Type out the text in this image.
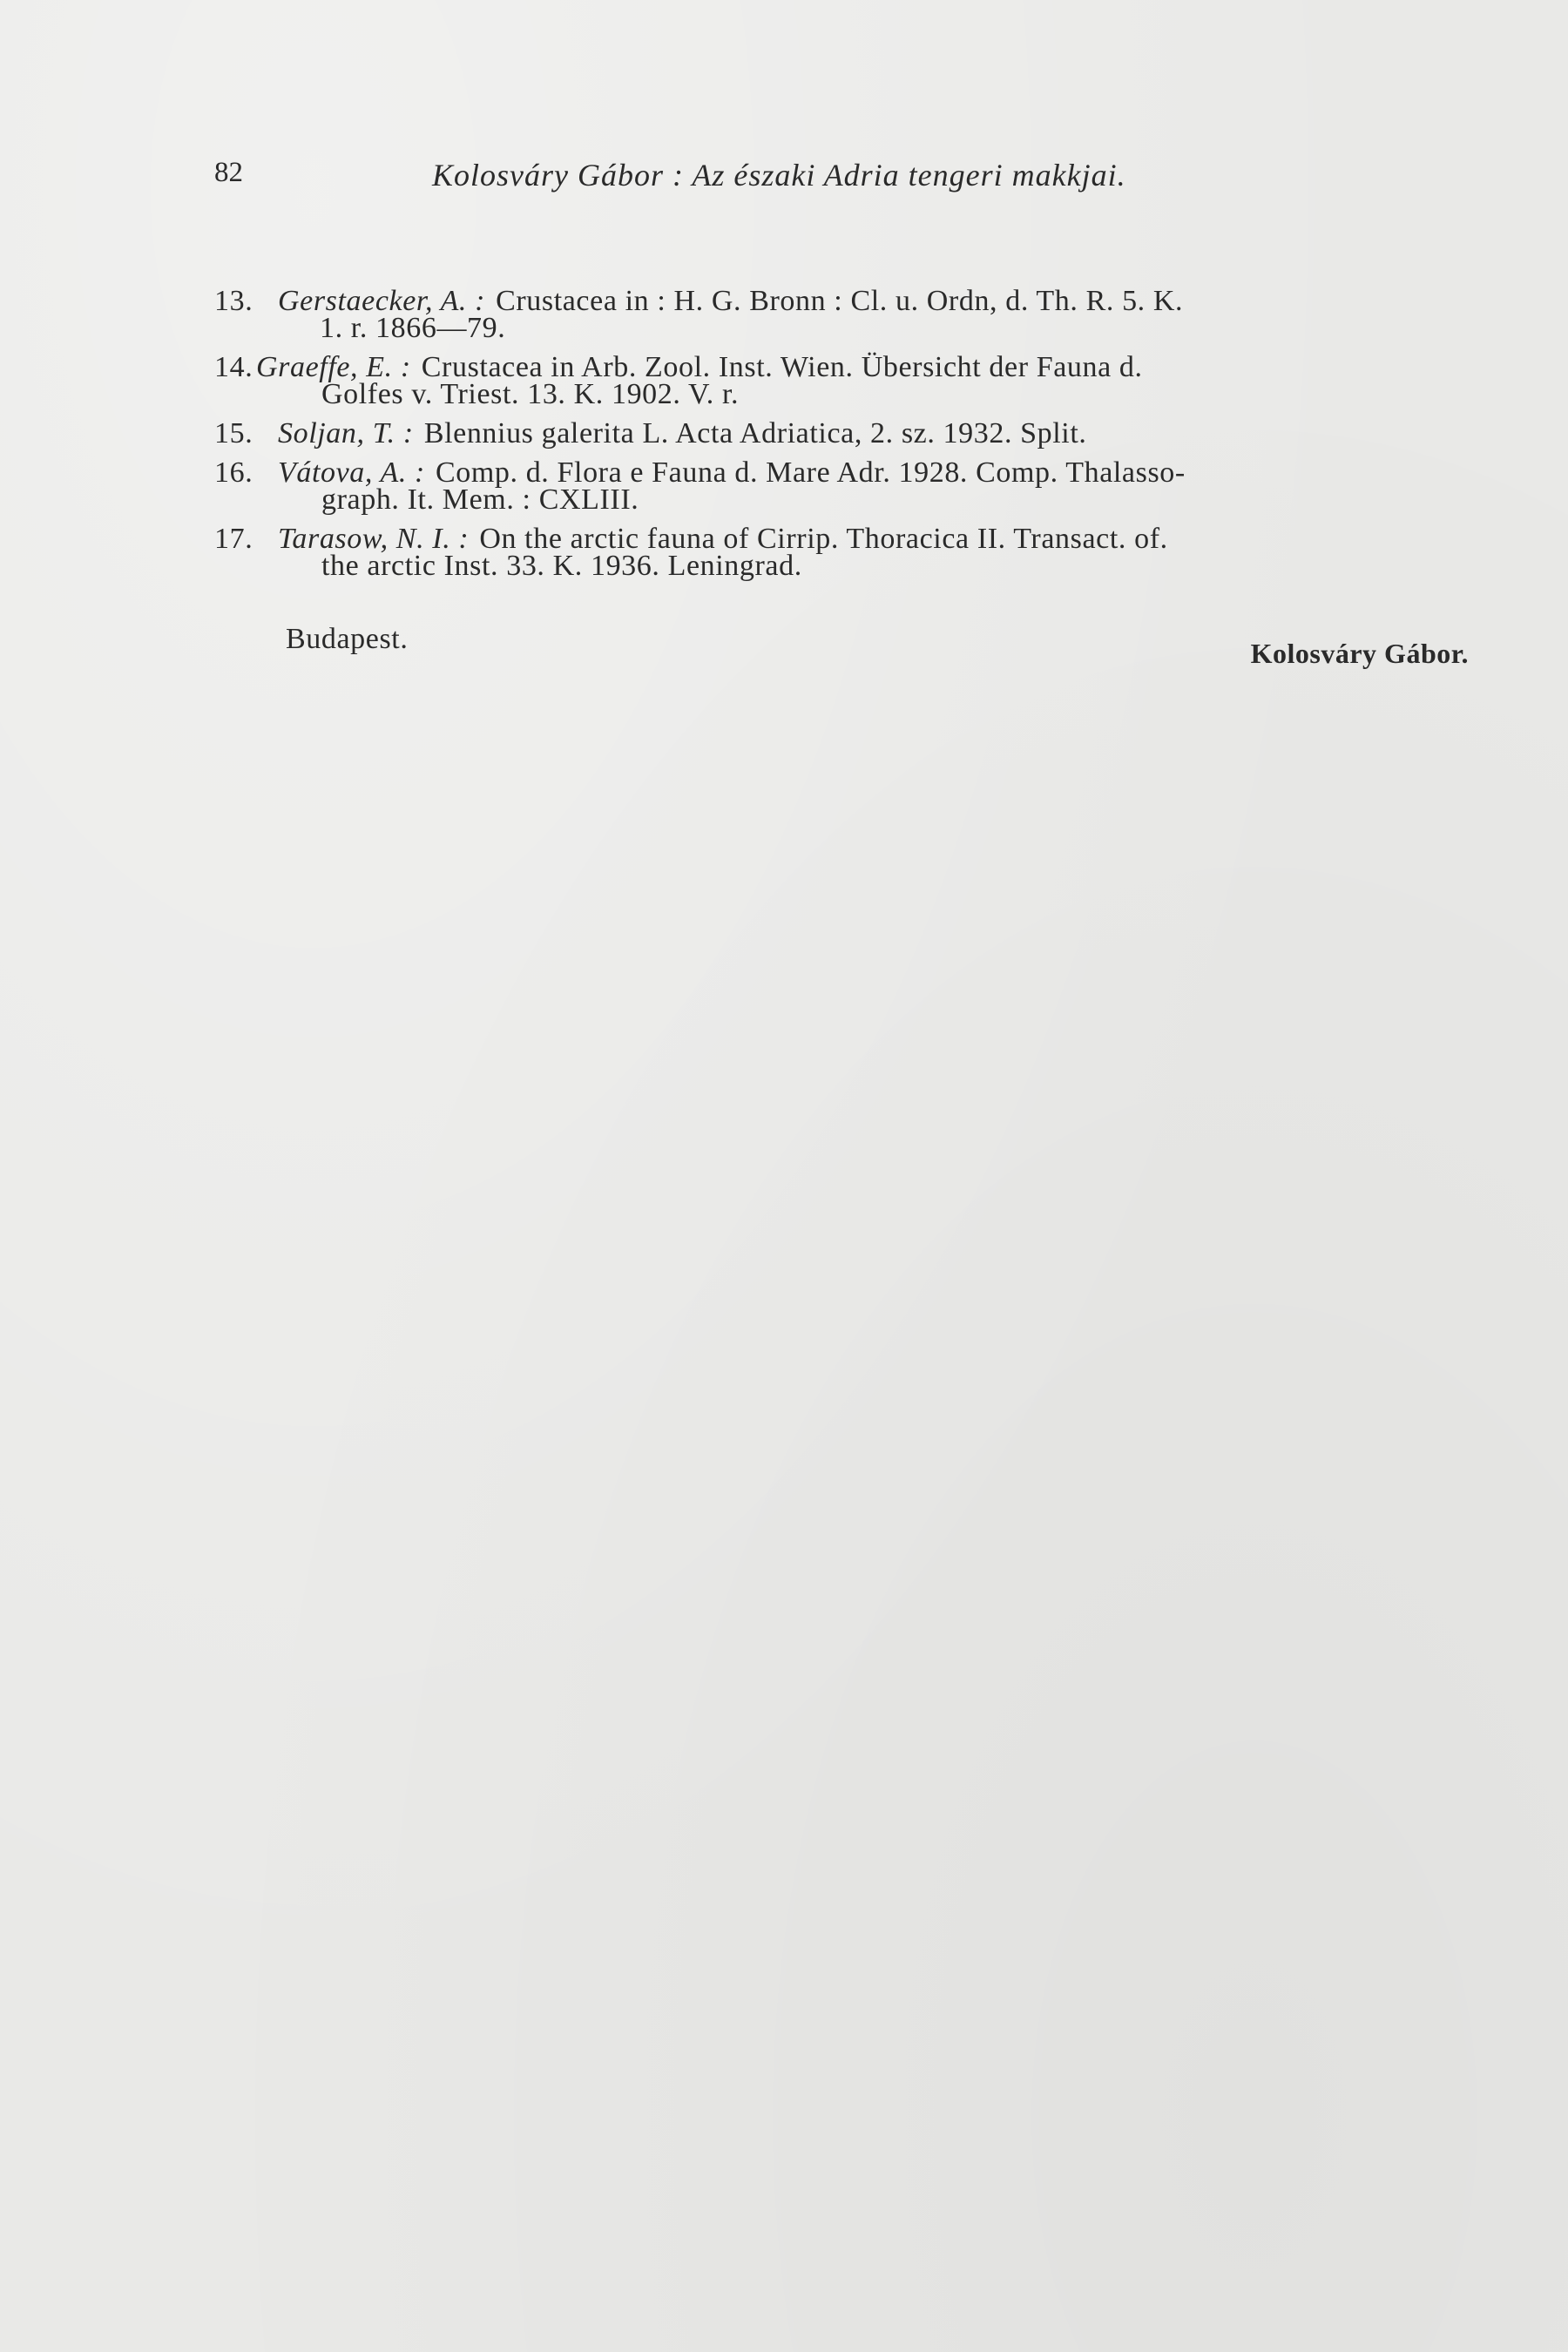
82	Kolosváry Gábor : Az északi Adria tengeri makkjai.
13. Gerstaecker, A. : Crustacea in : H. G. Bronn : Cl. u. Ordn, d. Th. R. 5. K.
1. r. 1866—79.
14. Graeffe, E. : Crustacea in Arb. Zool. Inst. Wien. Übersicht der Fauna d.
Golfes v. Triest. 13. K. 1902. V. r.
15. Soljan, T. : Blennius galerita L. Acta Adriatica, 2. sz. 1932. Split.
16. Vátova, A. : Comp. d. Flora e Fauna d. Mare Adr. 1928. Comp. Thalasso-
graph. It. Mem. : CXLIII.
17. Tarasow, N. I. : On the arctic fauna of Cirrip. Thoracica II. Transact. of.
the arctic Inst. 33. K. 1936. Leningrad.
Budapest.	Kolosváry Gábor.
